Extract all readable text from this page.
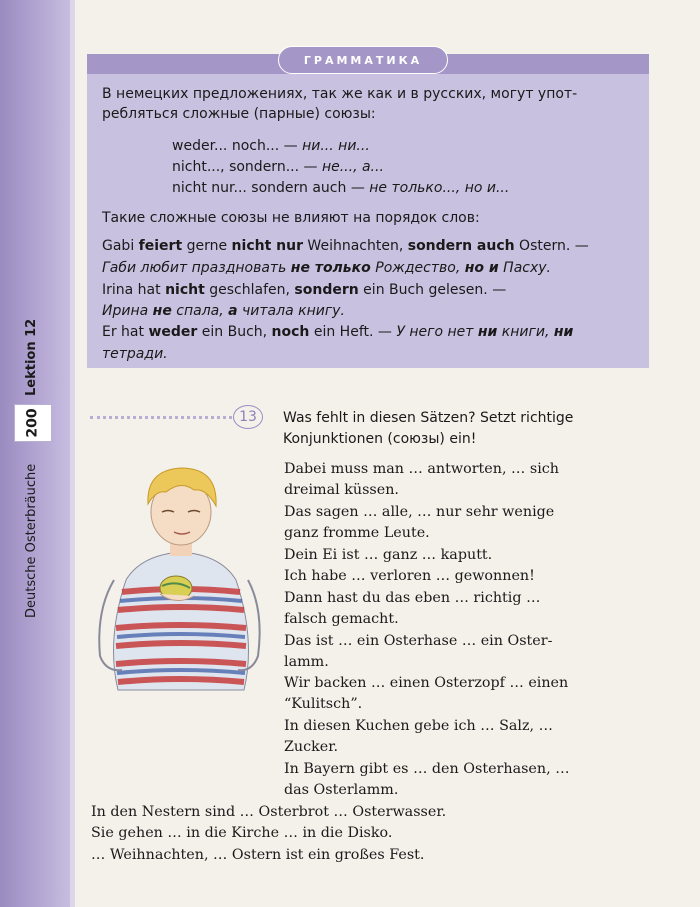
Lektion 12
200
Deutsche Osterbräuche
ГРАММАТИКА
В немецких предложениях, так же как и в русских, могут упот-
ребляться сложные (парные) союзы:
weder... noch... — ни... ни...
nicht..., sondern... — не..., а...
nicht nur... sondern auch — не только..., но и...
Такие сложные союзы не влияют на порядок слов:
Gabi feiert gerne nicht nur Weihnachten, sondern auch Ostern. —
Габи любит праздновать не только Рождество, но и Пасху.
Irina hat nicht geschlafen, sondern ein Buch gelesen. —
Ирина не спала, а читала книгу.
Er hat weder ein Buch, noch ein Heft. — У него нет ни книги, ни
тетради.
13	Was fehlt in diesen Sätzen? Setzt richtige
Konjunktionen (союзы) ein!
Dabei muss man … antworten, … sich
dreimal küssen.
Das sagen … alle, … nur sehr wenige
ganz fromme Leute.
Dein Ei ist … ganz … kaputt.
Ich habe … verloren … gewonnen!
Dann hast du das eben … richtig …
falsch gemacht.
Das ist … ein Osterhase … ein Oster-
lamm.
Wir backen … einen Osterzopf … einen
“Kulitsch”.
In diesen Kuchen gebe ich … Salz, …
Zucker.
In Bayern gibt es … den Osterhasen, …
das Osterlamm.
In den Nestern sind … Osterbrot … Osterwasser.
Sie gehen … in die Kirche … in die Disko.
… Weihnachten, … Ostern ist ein großes Fest.
